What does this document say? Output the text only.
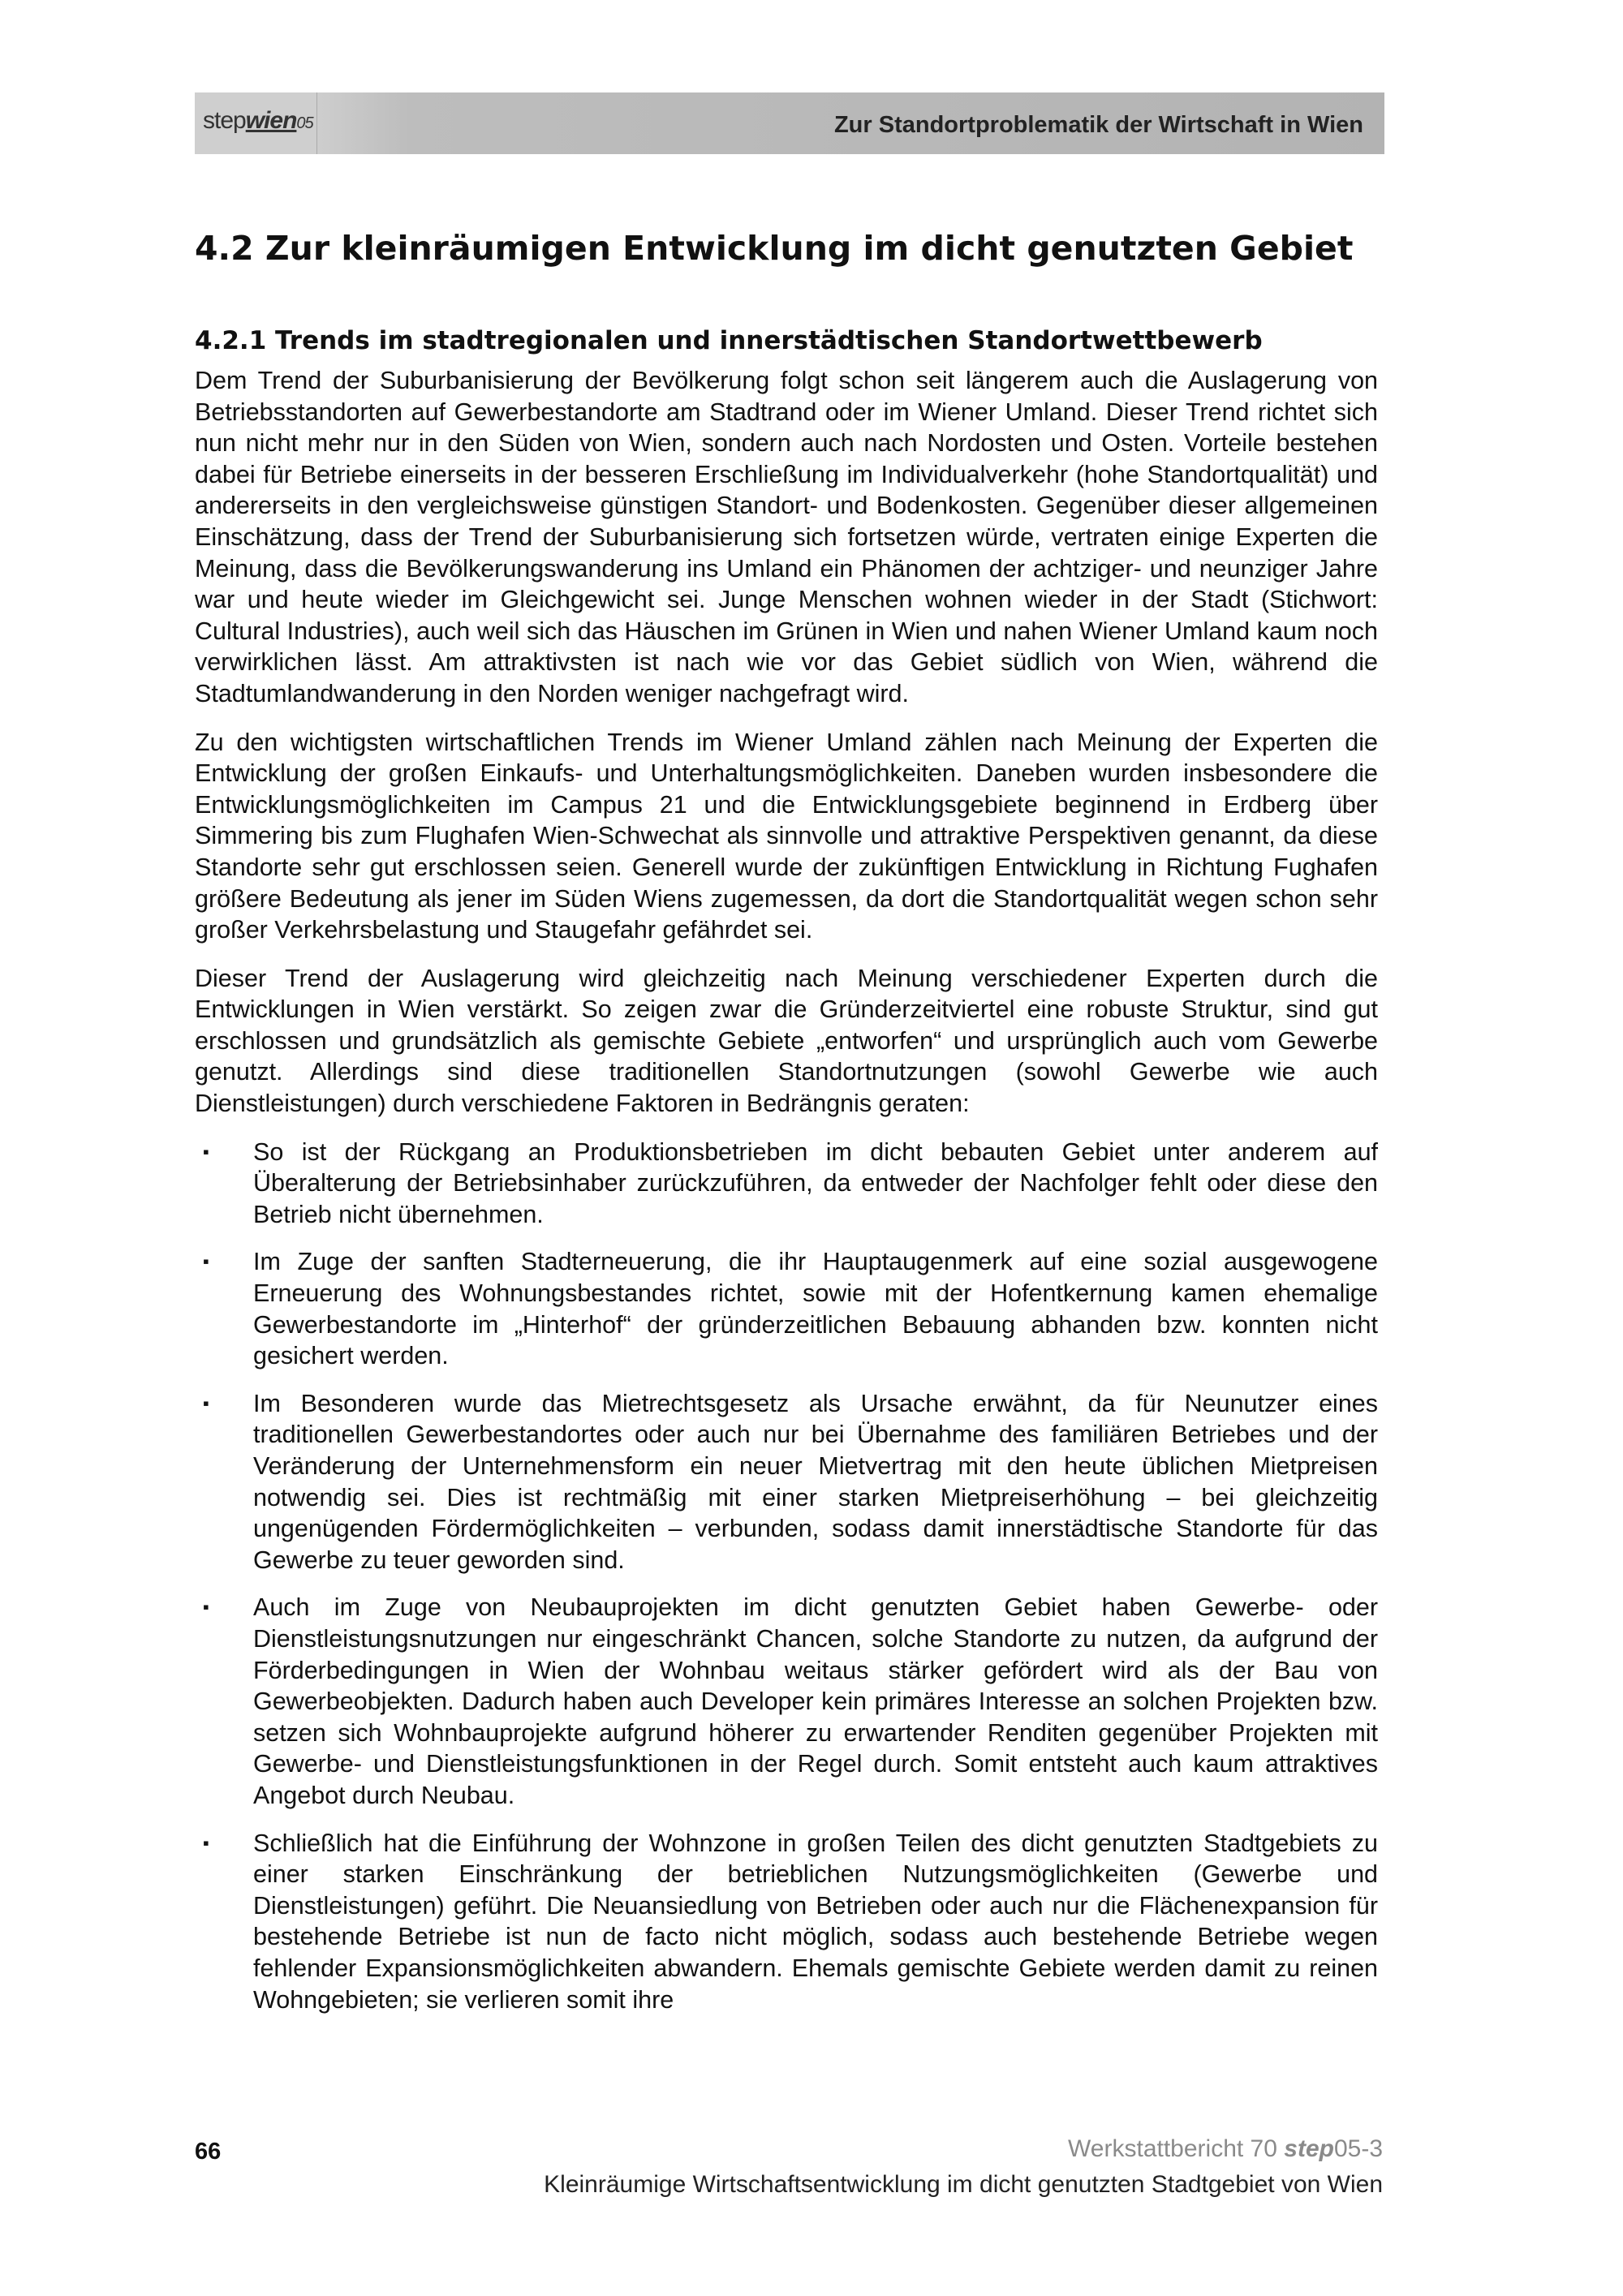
Zur Standortproblematik der Wirtschaft in Wien
stepwien05
4.2 Zur kleinräumigen Entwicklung im dicht genutzten Gebiet
4.2.1 Trends im stadtregionalen und innerstädtischen Standortwettbewerb

Dem Trend der Suburbanisierung der Bevölkerung folgt schon seit längerem auch die Auslagerung von Betriebsstandorten auf Gewerbestandorte am Stadtrand oder im Wiener Umland. Dieser Trend richtet sich nun nicht mehr nur in den Süden von Wien, sondern auch nach Nordosten und Osten. Vorteile bestehen dabei für Betriebe einerseits in der besseren Erschließung im Individualverkehr (hohe Standortqualität) und andererseits in den vergleichsweise günstigen Standort- und Bodenkosten. Gegenüber dieser allgemeinen Einschätzung, dass der Trend der Suburbanisierung sich fortsetzen würde, vertraten einige Experten die Meinung, dass die Bevölkerungswanderung ins Umland ein Phänomen der achtziger- und neunziger Jahre war und heute wieder im Gleichgewicht sei. Junge Menschen wohnen wieder in der Stadt (Stichwort: Cultural Industries), auch weil sich das Häuschen im Grünen in Wien und nahen Wiener Umland kaum noch verwirklichen lässt. Am attraktivsten ist nach wie vor das Gebiet südlich von Wien, während die Stadtumlandwanderung in den Norden weniger nachgefragt wird.

Zu den wichtigsten wirtschaftlichen Trends im Wiener Umland zählen nach Meinung der Experten die Entwicklung der großen Einkaufs- und Unterhaltungsmöglichkeiten. Daneben wurden insbesondere die Entwicklungsmöglichkeiten im Campus 21 und die Entwicklungsgebiete beginnend in Erdberg über Simmering bis zum Flughafen Wien-Schwechat als sinnvolle und attraktive Perspektiven genannt, da diese Standorte sehr gut erschlossen seien. Generell wurde der zukünftigen Entwicklung in Richtung Fughafen größere Bedeutung als jener im Süden Wiens zugemessen, da dort die Standortqualität wegen schon sehr großer Verkehrsbelastung und Staugefahr gefährdet sei.

Dieser Trend der Auslagerung wird gleichzeitig nach Meinung verschiedener Experten durch die Entwicklungen in Wien verstärkt. So zeigen zwar die Gründerzeitviertel eine robuste Struktur, sind gut erschlossen und grundsätzlich als gemischte Gebiete „entworfen“ und ursprünglich auch vom Gewerbe genutzt. Allerdings sind diese traditionellen Standortnutzungen (sowohl Gewerbe wie auch Dienstleistungen) durch verschiedene Faktoren in Bedrängnis geraten:

▪ So ist der Rückgang an Produktionsbetrieben im dicht bebauten Gebiet unter anderem auf Überalterung der Betriebsinhaber zurückzuführen, da entweder der Nachfolger fehlt oder diese den Betrieb nicht übernehmen.
▪ Im Zuge der sanften Stadterneuerung, die ihr Hauptaugenmerk auf eine sozial ausgewogene Erneuerung des Wohnungsbestandes richtet, sowie mit der Hofentkernung kamen ehemalige Gewerbestandorte im „Hinterhof“ der gründerzeitlichen Bebauung abhanden bzw. konnten nicht gesichert werden.
▪ Im Besonderen wurde das Mietrechtsgesetz als Ursache erwähnt, da für Neunutzer eines traditionellen Gewerbestandortes oder auch nur bei Übernahme des familiären Betriebes und der Veränderung der Unternehmensform ein neuer Mietvertrag mit den heute üblichen Mietpreisen notwendig sei. Dies ist rechtmäßig mit einer starken Mietpreiserhöhung – bei gleichzeitig ungenügenden Fördermöglichkeiten – verbunden, sodass damit innerstädtische Standorte für das Gewerbe zu teuer geworden sind.
▪ Auch im Zuge von Neubauprojekten im dicht genutzten Gebiet haben Gewerbe- oder Dienstleistungsnutzungen nur eingeschränkt Chancen, solche Standorte zu nutzen, da aufgrund der Förderbedingungen in Wien der Wohnbau weitaus stärker gefördert wird als der Bau von Gewerbeobjekten. Dadurch haben auch Developer kein primäres Interesse an solchen Projekten bzw. setzen sich Wohnbauprojekte aufgrund höherer zu erwartender Renditen gegenüber Projekten mit Gewerbe- und Dienstleistungsfunktionen in der Regel durch. Somit entsteht auch kaum attraktives Angebot durch Neubau.
▪ Schließlich hat die Einführung der Wohnzone in großen Teilen des dicht genutzten Stadtgebiets zu einer starken Einschränkung der betrieblichen Nutzungsmöglichkeiten (Gewerbe und Dienstleistungen) geführt. Die Neuansiedlung von Betrieben oder auch nur die Flächenexpansion für bestehende Betriebe ist nun de facto nicht möglich, sodass auch bestehende Betriebe wegen fehlender Expansionsmöglichkeiten abwandern. Ehemals gemischte Gebiete werden damit zu reinen Wohngebieten; sie verlieren somit ihre
66	Werkstattbericht 70 step05-3
Kleinräumige Wirtschaftsentwicklung im dicht genutzten Stadtgebiet von Wien
